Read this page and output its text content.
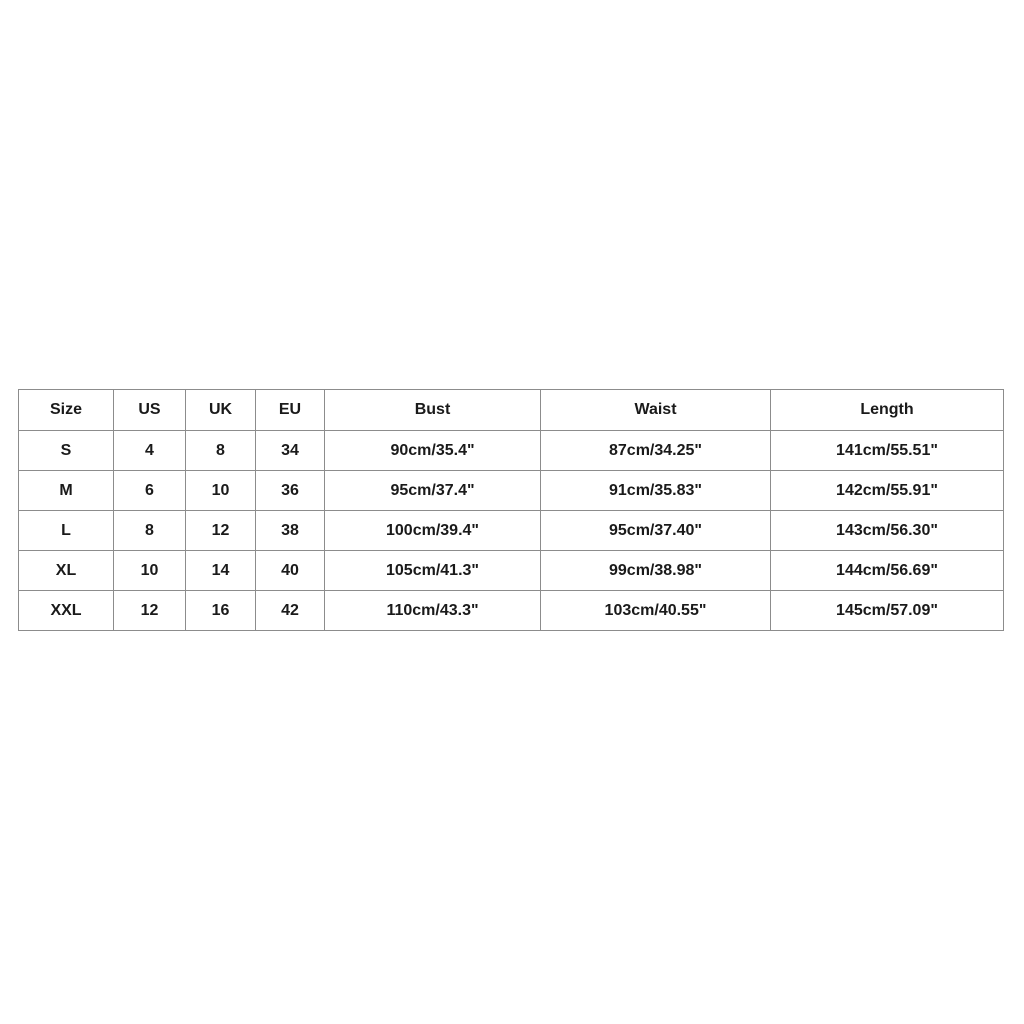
Size	US	UK	EU	Bust	Waist	Length
S	4	8	34	90cm/35.4"	87cm/34.25"	141cm/55.51"
M	6	10	36	95cm/37.4"	91cm/35.83"	142cm/55.91"
L	8	12	38	100cm/39.4"	95cm/37.40"	143cm/56.30"
XL	10	14	40	105cm/41.3"	99cm/38.98"	144cm/56.69"
XXL	12	16	42	110cm/43.3"	103cm/40.55"	145cm/57.09"
